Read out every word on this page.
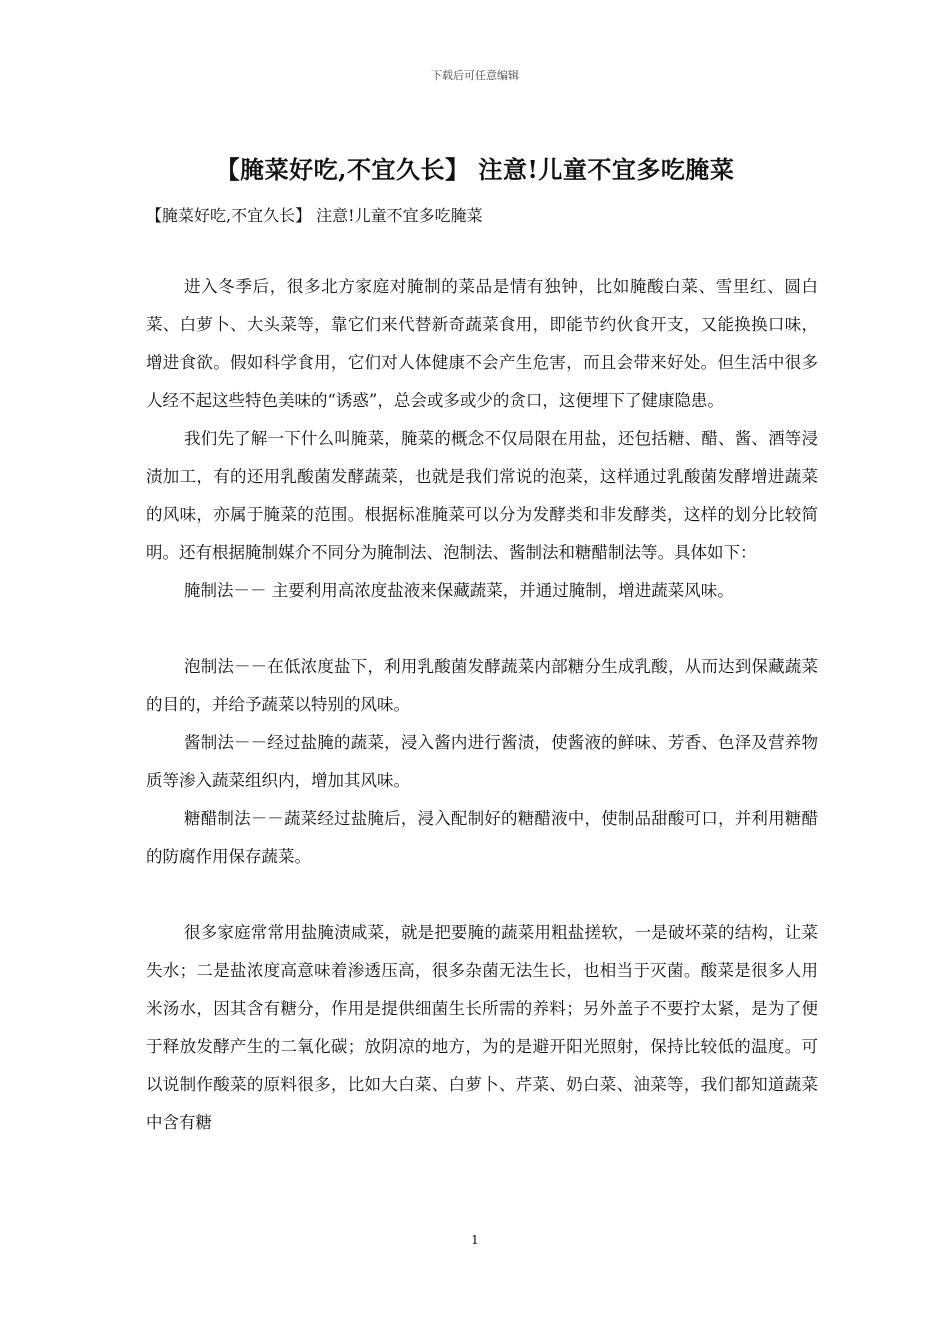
下载后可任意编辑
【腌菜好吃,不宜久长】 注意!儿童不宜多吃腌菜
【腌菜好吃,不宜久长】 注意!儿童不宜多吃腌菜

进入冬季后，很多北方家庭对腌制的菜品是情有独钟，比如腌酸白菜、雪里红、圆白菜、白萝卜、大头菜等，靠它们来代替新奇蔬菜食用，即能节约伙食开支，又能换换口味，增进食欲。假如科学食用，它们对人体健康不会产生危害，而且会带来好处。但生活中很多人经不起这些特色美味的“诱惑”，总会或多或少的贪口，这便埋下了健康隐患。

我们先了解一下什么叫腌菜，腌菜的概念不仅局限在用盐，还包括糖、醋、酱、酒等浸渍加工，有的还用乳酸菌发酵蔬菜，也就是我们常说的泡菜，这样通过乳酸菌发酵增进蔬菜的风味，亦属于腌菜的范围。根据标准腌菜可以分为发酵类和非发酵类，这样的划分比较简明。还有根据腌制媒介不同分为腌制法、泡制法、酱制法和糖醋制法等。具体如下：

腌制法－－ 主要利用高浓度盐液来保藏蔬菜，并通过腌制，增进蔬菜风味。

泡制法－－在低浓度盐下，利用乳酸菌发酵蔬菜内部糖分生成乳酸，从而达到保藏蔬菜的目的，并给予蔬菜以特别的风味。

酱制法－－经过盐腌的蔬菜，浸入酱内进行酱渍，使酱液的鲜味、芳香、色泽及营养物质等渗入蔬菜组织内，增加其风味。

糖醋制法－－蔬菜经过盐腌后，浸入配制好的糖醋液中，使制品甜酸可口，并利用糖醋的防腐作用保存蔬菜。

很多家庭常常用盐腌渍咸菜，就是把要腌的蔬菜用粗盐搓软，一是破坏菜的结构，让菜失水；二是盐浓度高意味着渗透压高，很多杂菌无法生长，也相当于灭菌。酸菜是很多人用米汤水，因其含有糖分，作用是提供细菌生长所需的养料；另外盖子不要拧太紧，是为了便于释放发酵产生的二氧化碳；放阴凉的地方，为的是避开阳光照射，保持比较低的温度。可以说制作酸菜的原料很多，比如大白菜、白萝卜、芹菜、奶白菜、油菜等，我们都知道蔬菜中含有糖

1
